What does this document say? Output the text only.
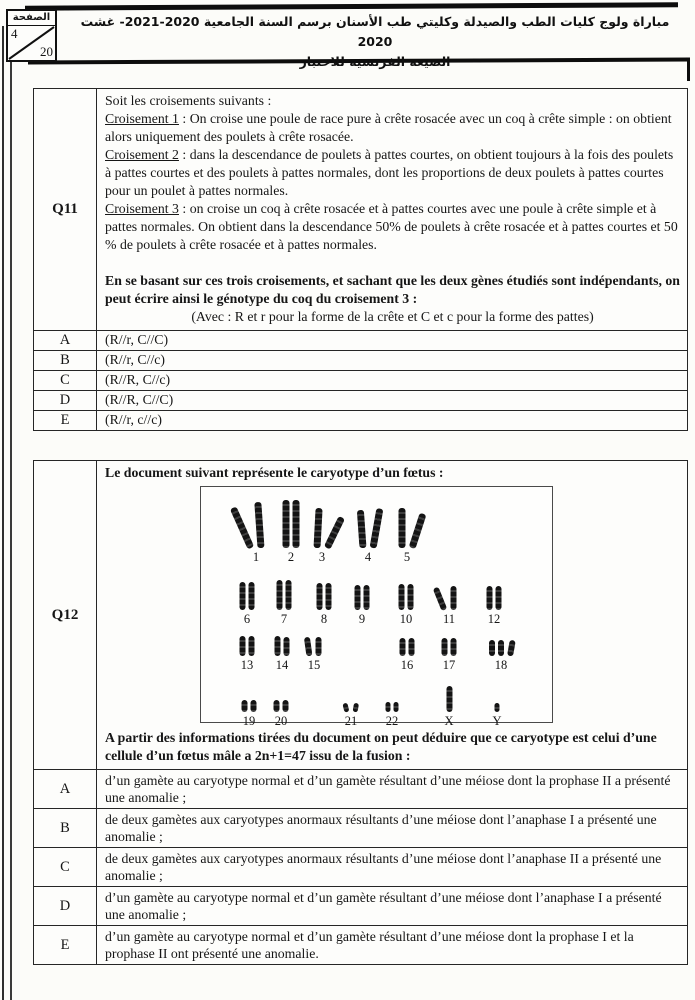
الصفحة
4
20
مباراة ولوج كليات الطب والصيدلة وكليتي طب الأسنان برسم السنة الجامعية 2020-2021- غشت 2020
الصيغة الفرنسية للاختبار
Q11	

Soit les croisements suivants :

Croisement 1 : On croise une poule de race pure à crête rosacée avec un coq à crête simple : on obtient alors uniquement des poulets à crête rosacée.

Croisement 2 : dans la descendance de poulets à pattes courtes, on obtient toujours à la fois des poulets à pattes courtes et des poulets à pattes normales, dont les proportions de deux poulets à pattes courtes pour un poulet à pattes normales.

Croisement 3 : on croise un coq à crête rosacée et à pattes courtes avec une poule à crête simple et à pattes normales. On obtient dans la descendance 50% de poulets à crête rosacée et à pattes courtes et 50 % de poulets à crête rosacée et à pattes normales.

En se basant sur ces trois croisements, et sachant que les deux gènes étudiés sont indépendants, on peut écrire ainsi le génotype du coq du croisement 3 :

(Avec : R et r pour la forme de la crête et C et c pour la forme des pattes)

A	(R//r, C//C)
B	(R//r, C//c)
C	(R//R, C//c)
D	(R//R, C//C)
E	(R//r, c//c)
Q12	

Le document suivant représente le caryotype d’un fœtus :

1 2 3	4	5
6 7	8	9	10 11	12
13 14 15	16 17	18
19 20	21 22	X	Y

A partir des informations tirées du document on peut déduire que ce caryotype est celui d’une cellule d’un fœtus mâle a 2n+1=47 issu de la fusion :

A	d’un gamète au caryotype normal et d’un gamète résultant d’une méiose dont la prophase II a présenté une anomalie ;
B	de deux gamètes aux caryotypes anormaux résultants d’une méiose dont l’anaphase I a présenté une anomalie ;
C	de deux gamètes aux caryotypes anormaux résultants d’une méiose dont l’anaphase II a présenté une anomalie ;
D	d’un gamète au caryotype normal et d’un gamète résultant d’une méiose dont l’anaphase I a présenté une anomalie ;
E	d’un gamète au caryotype normal et d’un gamète résultant d’une méiose dont la prophase I et la prophase II ont présenté une anomalie.
